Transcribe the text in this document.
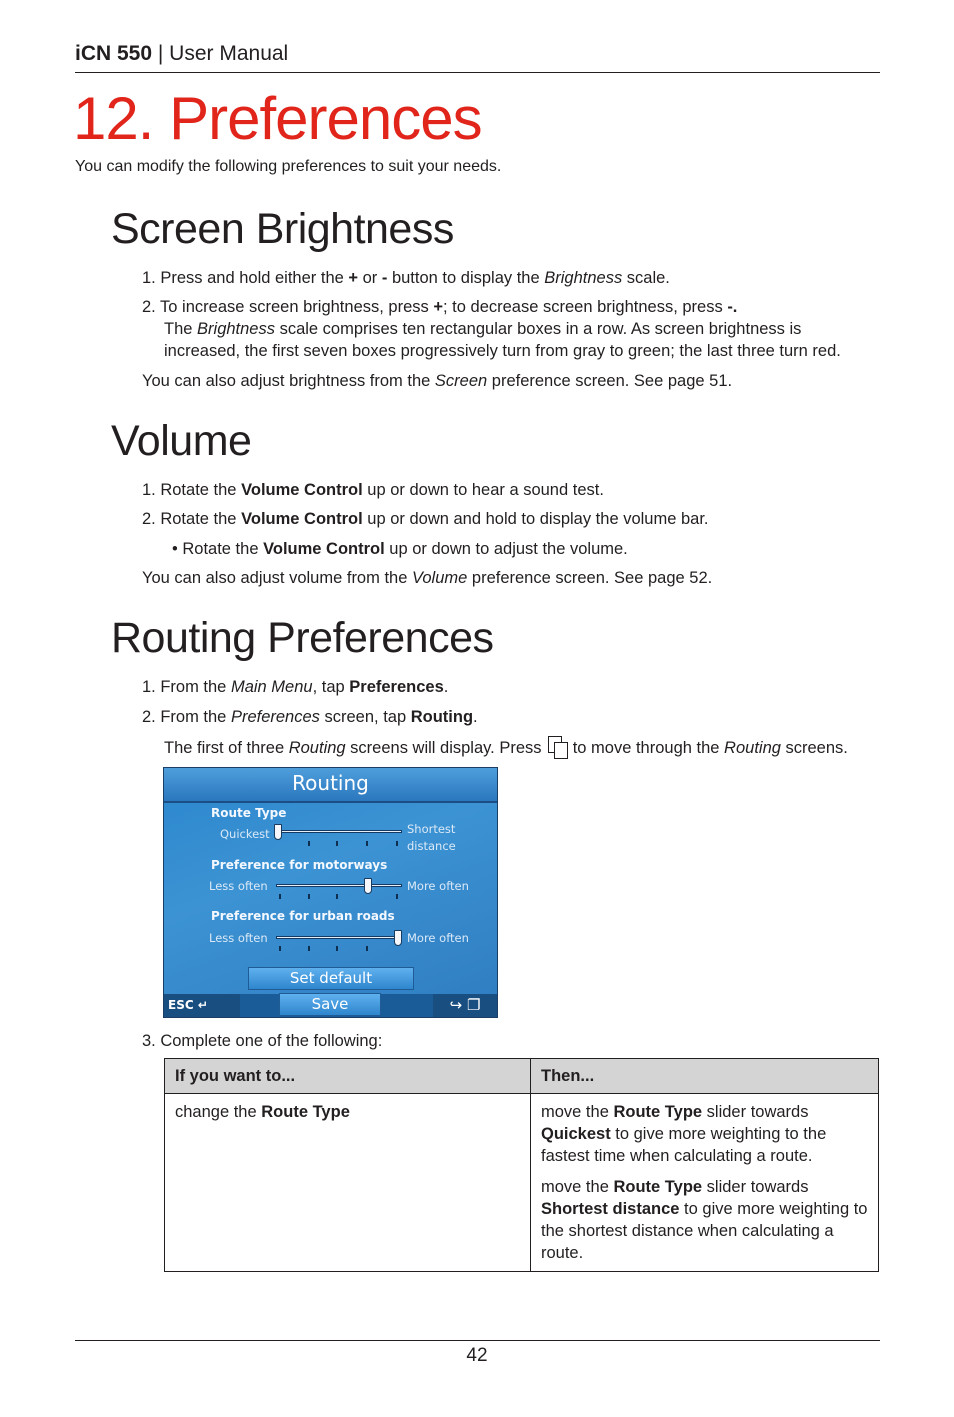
iCN 550 | User Manual
12. Preferences
You can modify the following preferences to suit your needs.
Screen Brightness
1. Press and hold either the + or - button to display the Brightness scale.
2. To increase screen brightness, press +; to decrease screen brightness, press -.
The Brightness scale comprises ten rectangular boxes in a row. As screen brightness is
increased, the first seven boxes progressively turn from gray to green; the last three turn red.
You can also adjust brightness from the Screen preference screen. See page 51.
Volume
1. Rotate the Volume Control up or down to hear a sound test.
2. Rotate the Volume Control up or down and hold to display the volume bar.
• Rotate the Volume Control up or down to adjust the volume.
You can also adjust volume from the Volume preference screen. See page 52.
Routing Preferences
1. From the Main Menu, tap Preferences.
2. From the Preferences screen, tap Routing.
The first of three Routing screens will display. Press
to move through the Routing screens.
Routing
Route Type
Quickest	Shortest
distance
Preference for motorways
Less often	More often
Preference for urban roads
Less often	More often
Set default
ESC ↵	Save	↪ ❐
3. Complete one of the following:
If you want to...	Then...
change the Route Type	move the Route Type slider towards Quickest to give more weighting to the fastest time when calculating a route.

move the Route Type slider towards Shortest distance to give more weighting to the shortest distance when calculating a route.

42
